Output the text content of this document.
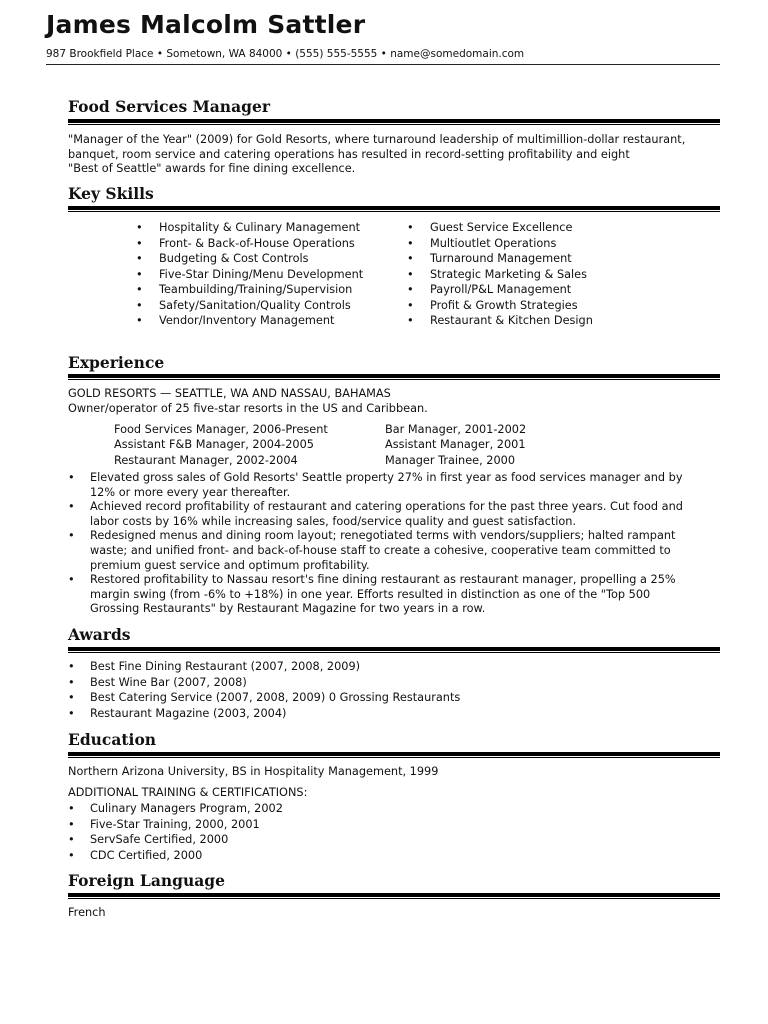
James Malcolm Sattler
987 Brookfield Place • Sometown, WA 84000 • (555) 555-5555 • name@somedomain.com
Food Services Manager
"Manager of the Year" (2009) for Gold Resorts, where turnaround leadership of multimillion-dollar restaurant,
banquet, room service and catering operations has resulted in record-setting profitability and eight
"Best of Seattle" awards for fine dining excellence.
Key Skills
• Hospitality & Culinary Management
• Front- & Back-of-House Operations
• Budgeting & Cost Controls
• Five-Star Dining/Menu Development
• Teambuilding/Training/Supervision
• Safety/Sanitation/Quality Controls
• Vendor/Inventory Management
• Guest Service Excellence
• Multioutlet Operations
• Turnaround Management
• Strategic Marketing & Sales
• Payroll/P&L Management
• Profit & Growth Strategies
• Restaurant & Kitchen Design
Experience
GOLD RESORTS — SEATTLE, WA AND NASSAU, BAHAMAS
Owner/operator of 25 five-star resorts in the US and Caribbean.
Food Services Manager, 2006-Present
Assistant F&B Manager, 2004-2005
Restaurant Manager, 2002-2004
Bar Manager, 2001-2002
Assistant Manager, 2001
Manager Trainee, 2000
• Elevated gross sales of Gold Resorts' Seattle property 27% in first year as food services manager and by
12% or more every year thereafter.
• Achieved record profitability of restaurant and catering operations for the past three years. Cut food and
labor costs by 16% while increasing sales, food/service quality and guest satisfaction.
• Redesigned menus and dining room layout; renegotiated terms with vendors/suppliers; halted rampant
waste; and unified front- and back-of-house staff to create a cohesive, cooperative team committed to
premium guest service and optimum profitability.
• Restored profitability to Nassau resort's fine dining restaurant as restaurant manager, propelling a 25%
margin swing (from -6% to +18%) in one year. Efforts resulted in distinction as one of the "Top 500
Grossing Restaurants" by Restaurant Magazine for two years in a row.
Awards
• Best Fine Dining Restaurant (2007, 2008, 2009)
• Best Wine Bar (2007, 2008)
• Best Catering Service (2007, 2008, 2009) 0 Grossing Restaurants
• Restaurant Magazine (2003, 2004)
Education
Northern Arizona University, BS in Hospitality Management, 1999
ADDITIONAL TRAINING & CERTIFICATIONS:
• Culinary Managers Program, 2002
• Five-Star Training, 2000, 2001
• ServSafe Certified, 2000
• CDC Certified, 2000
Foreign Language
French
